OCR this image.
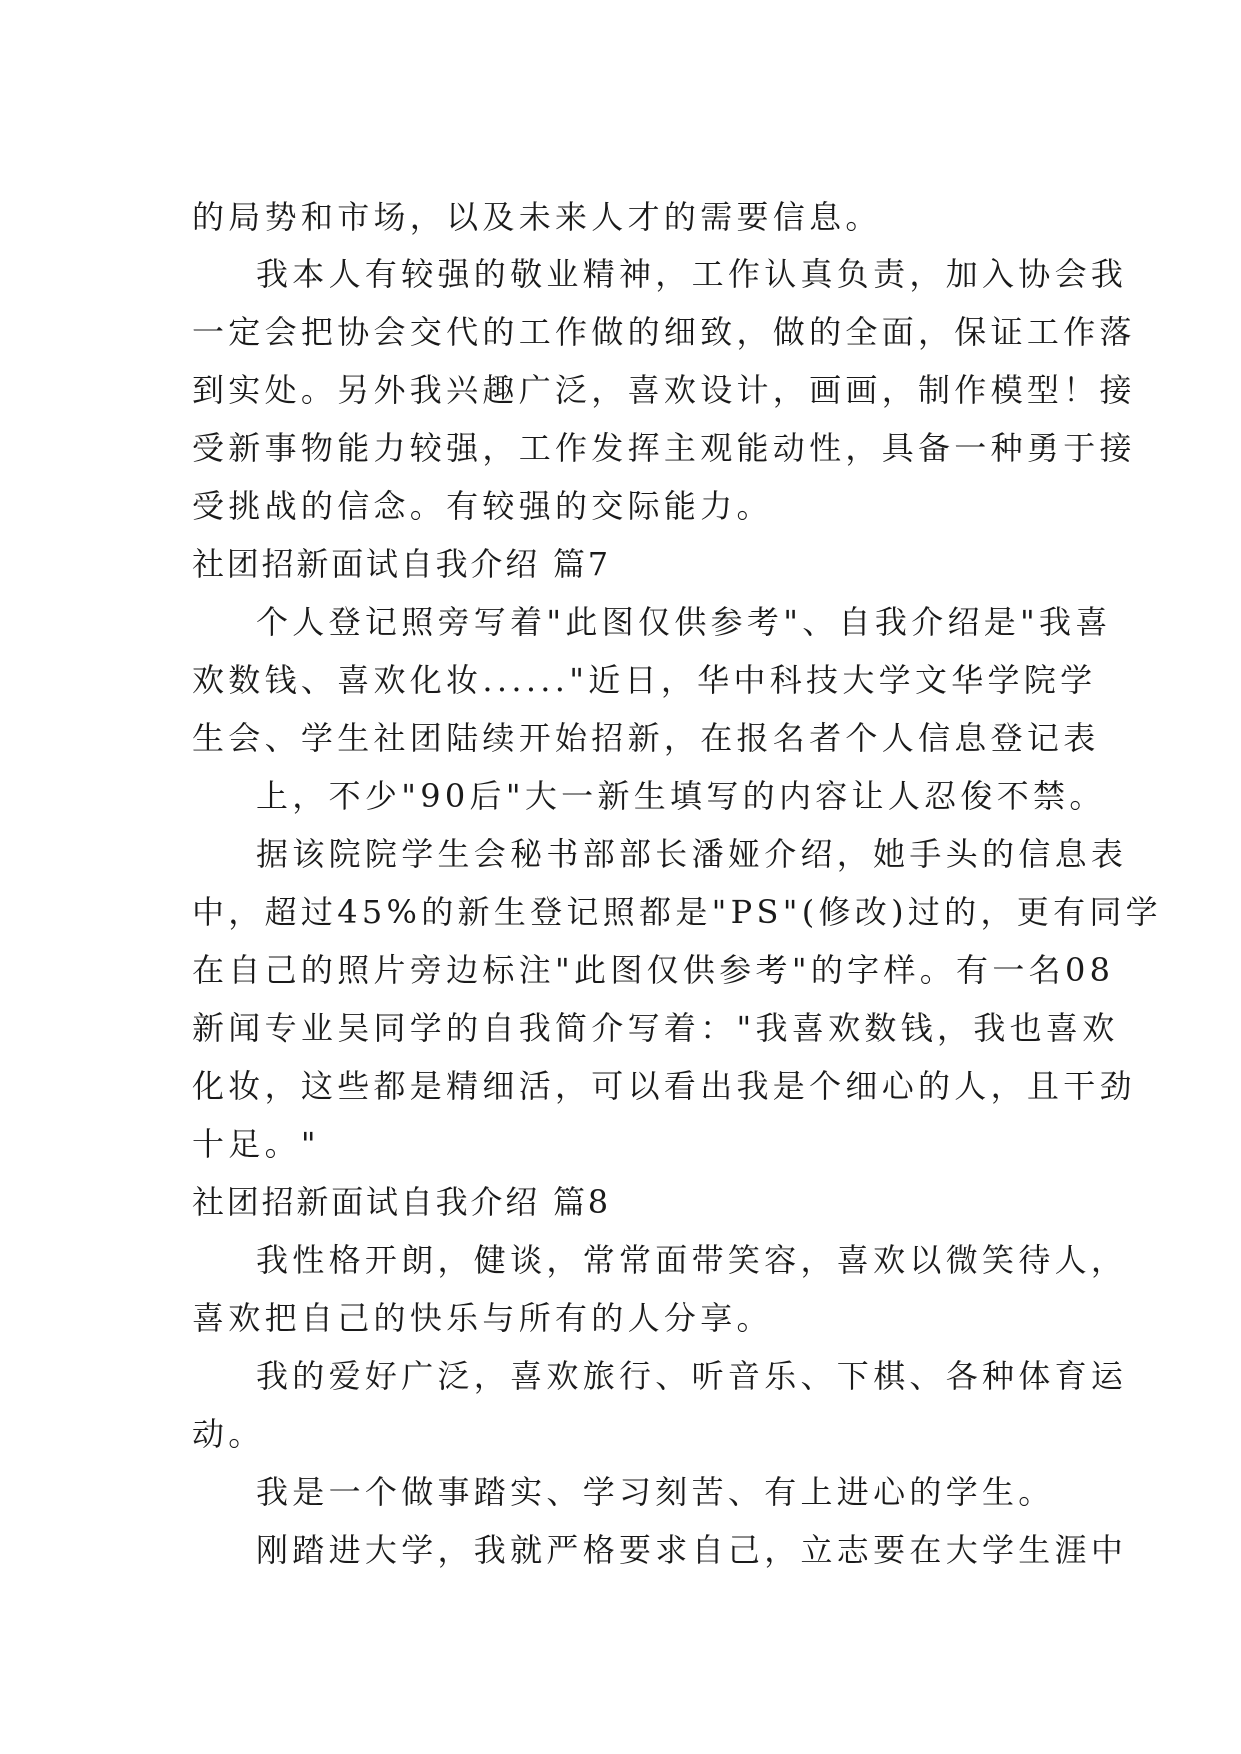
的局势和市场，以及未来人才的需要信息。

我本人有较强的敬业精神，工作认真负责，加入协会我

一定会把协会交代的工作做的细致，做的全面，保证工作落

到实处。另外我兴趣广泛，喜欢设计，画画，制作模型！接

受新事物能力较强，工作发挥主观能动性，具备一种勇于接

受挑战的信念。有较强的交际能力。

社团招新面试自我介绍 篇7

个人登记照旁写着"此图仅供参考"、自我介绍是"我喜

欢数钱、喜欢化妆......"近日，华中科技大学文华学院学

生会、学生社团陆续开始招新，在报名者个人信息登记表

上，不少"90后"大一新生填写的内容让人忍俊不禁。

据该院院学生会秘书部部长潘娅介绍，她手头的信息表

中，超过45%的新生登记照都是"PS"(修改)过的，更有同学

在自己的照片旁边标注"此图仅供参考"的字样。有一名08

新闻专业吴同学的自我简介写着："我喜欢数钱，我也喜欢

化妆，这些都是精细活，可以看出我是个细心的人，且干劲

十足。"

社团招新面试自我介绍 篇8

我性格开朗，健谈，常常面带笑容，喜欢以微笑待人，

喜欢把自己的快乐与所有的人分享。

我的爱好广泛，喜欢旅行、听音乐、下棋、各种体育运

动。

我是一个做事踏实、学习刻苦、有上进心的学生。

刚踏进大学，我就严格要求自己，立志要在大学生涯中
